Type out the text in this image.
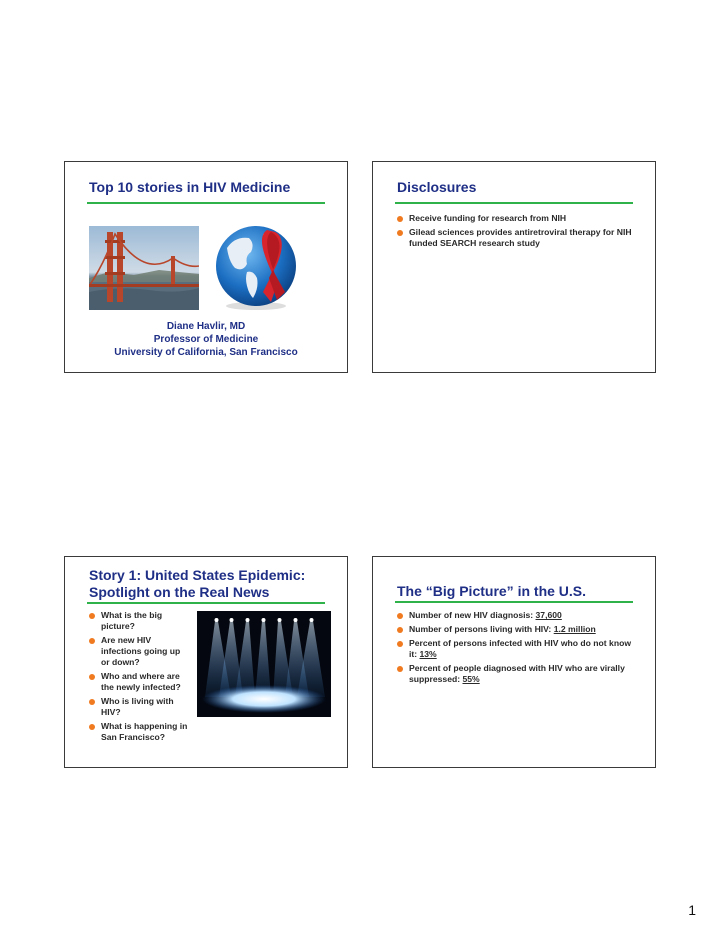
Top 10 stories in HIV Medicine
Diane Havlir, MD
Professor of Medicine
University of California, San Francisco
Disclosures
Receive funding for research from NIH
Gilead sciences provides antiretroviral therapy for NIH funded SEARCH research study
Story 1: United States Epidemic:
Spotlight on the Real News
What is the big picture?
Are new HIV infections going up or down?
Who and where are the newly infected?
Who is living with HIV?
What is happening in San Francisco?
The “Big Picture” in the U.S.
Number of new HIV diagnosis: 37,600
Number of persons living with HIV: 1.2 million
Percent of persons infected with HIV who do not know it: 13%
Percent of people diagnosed with HIV who are virally suppressed: 55%
1
